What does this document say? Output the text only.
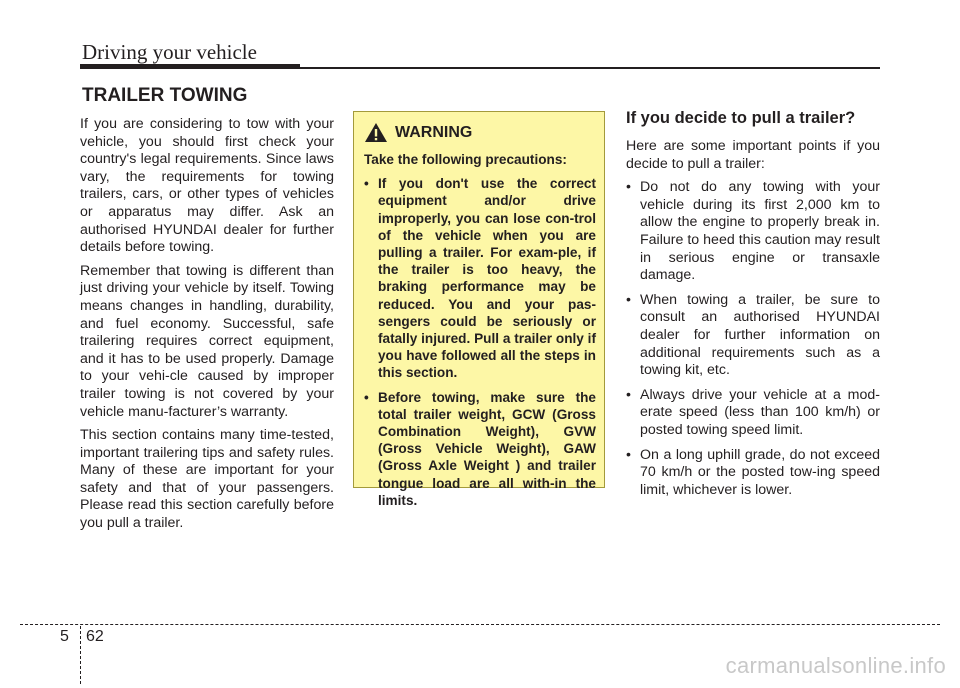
Driving your vehicle
TRAILER TOWING

If you are considering to tow with your vehicle, you should first check your country's legal requirements. Since laws vary, the requirements for towing trailers, cars, or other types of vehicles or apparatus may differ. Ask an authorised HYUNDAI dealer for further details before towing.

Remember that towing is different than just driving your vehicle by itself. Towing means changes in handling, durability, and fuel economy. Successful, safe trailering requires correct equipment, and it has to be used properly. Damage to your vehi-cle caused by improper trailer towing is not covered by your vehicle manu-facturer’s warranty.

This section contains many time-tested, important trailering tips and safety rules. Many of these are important for your safety and that of your passengers. Please read this section carefully before you pull a trailer.

WARNING
Take the following precautions:
• If you don't use the correct equipment and/or drive improperly, you can lose con-trol of the vehicle when you are pulling a trailer. For exam-ple, if the trailer is too heavy, the braking performance may be reduced. You and your pas-sengers could be seriously or fatally injured. Pull a trailer only if you have followed all the steps in this section.
• Before towing, make sure the total trailer weight, GCW (Gross Combination Weight), GVW (Gross Vehicle Weight), GAW (Gross Axle Weight ) and trailer tongue load are all with-in the limits.
If you decide to pull a trailer?

Here are some important points if you decide to pull a trailer:

• Do not do any towing with your vehicle during its first 2,000 km to allow the engine to properly break in. Failure to heed this caution may result in serious engine or transaxle damage.
• When towing a trailer, be sure to consult an authorised HYUNDAI dealer for further information on additional requirements such as a towing kit, etc.
• Always drive your vehicle at a mod-erate speed (less than 100 km/h) or posted towing speed limit.
• On a long uphill grade, do not exceed 70 km/h or the posted tow-ing speed limit, whichever is lower.
5 62
carmanualsonline.info
